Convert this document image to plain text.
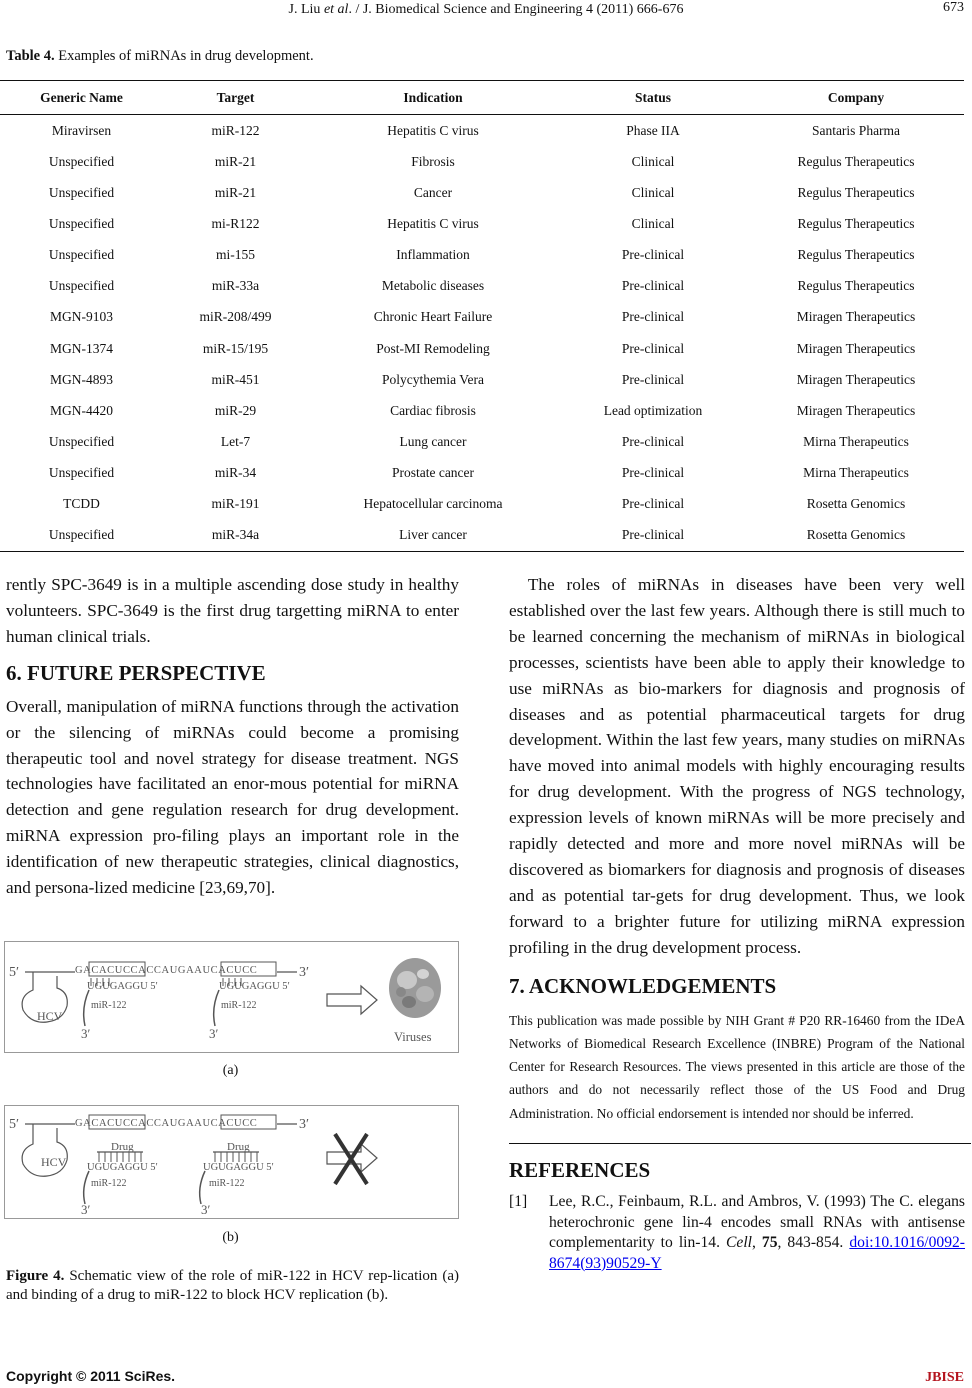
J. Liu et al. / J. Biomedical Science and Engineering 4 (2011) 666-676	673
Table 4. Examples of miRNAs in drug development.
Generic Name	Target	Indication	Status	Company
Miravirsen	miR-122	Hepatitis C virus	Phase IIA	Santaris Pharma
Unspecified	miR-21	Fibrosis	Clinical	Regulus Therapeutics
Unspecified	miR-21	Cancer	Clinical	Regulus Therapeutics
Unspecified	mi-R122	Hepatitis C virus	Clinical	Regulus Therapeutics
Unspecified	mi-155	Inflammation	Pre-clinical	Regulus Therapeutics
Unspecified	miR-33a	Metabolic diseases	Pre-clinical	Regulus Therapeutics
MGN-9103	miR-208/499	Chronic Heart Failure	Pre-clinical	Miragen Therapeutics
MGN-1374	miR-15/195	Post-MI Remodeling	Pre-clinical	Miragen Therapeutics
MGN-4893	miR-451	Polycythemia Vera	Pre-clinical	Miragen Therapeutics
MGN-4420	miR-29	Cardiac fibrosis	Lead optimization	Miragen Therapeutics
Unspecified	Let-7	Lung cancer	Pre-clinical	Mirna Therapeutics
Unspecified	miR-34	Prostate cancer	Pre-clinical	Mirna Therapeutics
TCDD	miR-191	Hepatocellular carcinoma	Pre-clinical	Rosetta Genomics
Unspecified	miR-34a	Liver cancer	Pre-clinical	Rosetta Genomics

rently SPC-3649 is in a multiple ascending dose study in healthy volunteers. SPC-3649 is the first drug targetting miRNA to enter human clinical trials.

6. FUTURE PERSPECTIVE

Overall, manipulation of miRNA functions through the activation or the silencing of miRNAs could become a promising therapeutic tool and novel strategy for disease treatment. NGS technologies have facilitated an enor-mous potential for miRNA detection and gene regulation research for drug development. miRNA expression pro-filing plays an important role in the identification of new therapeutic strategies, clinical diagnostics, and persona-lized medicine [23,69,70].

5′	GACACUCCACCAUGAAUCACUCC	3′
HCV
UGUGAGGU 5′
miR-122
3′
UGUGAGGU 5′
miR-122
3′	Viruses
(a)
5′	GACACUCCACCAUGAAUCACUCC	3′
HCV
Drug
UGUGAGGU 5′
miR-122
3′
Drug
UGUGAGGU 5′
miR-122
3′
(b)
Figure 4. Schematic view of the role of miR-122 in HCV rep-lication (a) and binding of a drug to miR-122 to block HCV replication (b).

The roles of miRNAs in diseases have been very well established over the last few years. Although there is still much to be learned concerning the mechanism of miRNAs in biological processes, scientists have been able to apply their knowledge to use miRNAs as bio-markers for diagnosis and prognosis of diseases and as potential pharmaceutical targets for drug development. Within the last few years, many studies on miRNAs have moved into animal models with highly encouraging results for drug development. With the progress of NGS technology, expression levels of known miRNAs will be more precisely and rapidly detected and more and more novel miRNAs will be discovered as biomarkers for diagnosis and prognosis of diseases and as potential tar-gets for drug development. Thus, we look forward to a brighter future for utilizing miRNA expression profiling in the drug development process.

7. ACKNOWLEDGEMENTS

This publication was made possible by NIH Grant # P20 RR-16460 from the IDeA Networks of Biomedical Research Excellence (INBRE) Program of the National Center for Research Resources. The views presented in this article are those of the authors and do not necessarily reflect those of the US Food and Drug Administration. No official endorsement is intended nor should be inferred.

REFERENCES

[1] Lee, R.C., Feinbaum, R.L. and Ambros, V. (1993) The C. elegans heterochronic gene lin-4 encodes small RNAs with antisense complementarity to lin-14. Cell, 75, 843-854. doi:10.1016/0092-8674(93)90529-Y
Copyright © 2011 SciRes.	JBISE
